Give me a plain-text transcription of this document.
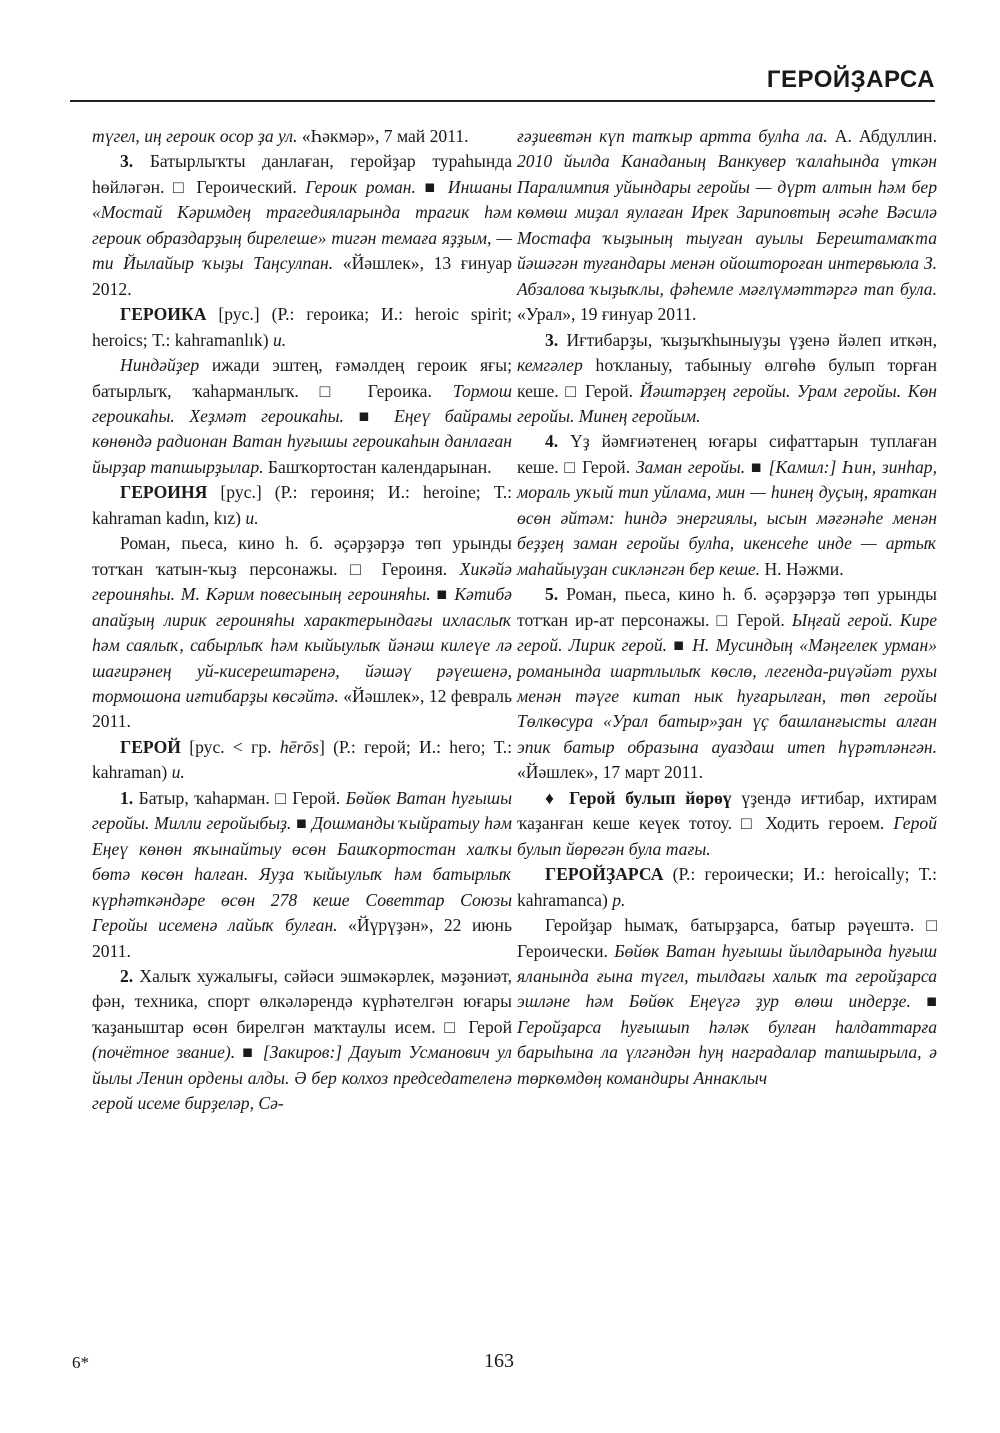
ГЕРОЙҘАРСА

түгел, иң героик осор ҙа ул. «Һәкмәр», 7 май 2011.

3. Батырлыҡты данлаған, геройҙар тураһында һөйләгән. □ Героический. Героик роман. ■ Иншаны «Мостай Кәримдең трагедияларында трагик һәм героик образдарҙың бирелеше» тигән темаға яҙҙым, — ти Йылайыр ҡыҙы Таңсулпан. «Йәшлек», 13 ғинуар 2012.

ГЕРОИКА [рус.] (Р.: героика; И.: heroic spirit; heroics; Т.: kahramanlık) и.

Ниндәйҙер ижади эштең, ғәмәлдең героик яғы; батырлыҡ, ҡаһарманлыҡ. □ Героика. Тормош героикаһы. Хеҙмәт героикаһы. ■ Еңеү байрамы көнөндә радионан Ватан һуғышы героикаһын данлаған йырҙар тапшырҙылар. Башҡортостан календарынан.

ГЕРОИНЯ [рус.] (Р.: героиня; И.: heroine; Т.: kahraman kadın, kız) и.

Роман, пьеса, кино һ. б. әҫәрҙәрҙә төп урынды тотҡан ҡатын-ҡыҙ персонажы. □ Героиня. Хикәйә героиняһы. М. Кәрим повесының героиняһы. ■ Кәтибә апайҙың лирик героиняһы характерындағы ихласлыҡ һәм саялыҡ, сабырлыҡ һәм кыйыулыҡ йәнәш килеүе лә шағирәнең уй-кисерештәренә, йәшәү рәүешенә, тормошона иғтибарҙы көсәйтә. «Йәшлек», 12 февраль 2011.

ГЕРОЙ [рус. < гр. hērōs] (Р.: герой; И.: hero; Т.: kahraman) и.

1. Батыр, ҡаһарман. □ Герой. Бөйөк Ватан һуғышы геройы. Милли геройыбыҙ. ■ Дошманды ҡыйратыу һәм Еңеү көнөн яҡынайтыу өсөн Башҡортостан халҡы бөтә көсөн һалған. Яуҙа ҡыйыулыҡ һәм батырлыҡ күрһәткәндәре өсөн 278 кеше Советтар Союзы Геройы исеменә лайыҡ булған. «Йүрүҙән», 22 июнь 2011.

2. Халыҡ хужалығы, сәйәси эшмәкәрлек, мәҙәниәт, фән, техника, спорт өлкәләрендә күрһәтелгән юғары ҡаҙаныштар өсөн бирелгән маҡтаулы исем. □ Герой (почётное звание). ■ [Закиров:] Дауыт Усманович ул йылы Ленин ордены алды. Ә бер колхоз председателенә герой исеме бирҙеләр, Сә-

ғәҙиевтән күп тапҡыр артта булһа ла. А. Абдуллин. 2010 йылда Канаданың Ванкувер ҡалаһында үткән Паралимпия уйындары геройы — дүрт алтын һәм бер көмөш миҙал яулаған Ирек Зариповтың әсәһе Вәсилә Мостафа ҡыҙының тыуған ауылы Берештамаҡта йәшәгән туғандары менән ойоштороған интервьюла З. Абзалова ҡыҙыҡлы, фәһемле мәғлүмәттәргә тап була. «Урал», 19 ғинуар 2011.

3. Иғтибарҙы, ҡыҙыҡһыныуҙы үҙенә йәлеп иткән, кемгәлер һоҡланыу, табыныу өлгөһө булып торған кеше. □ Герой. Йәштәрҙең геройы. Урам геройы. Көн геройы. Минең геройым.

4. Үҙ йәмғиәтенең юғары сифаттарын туплаған кеше. □ Герой. Заман геройы. ■ [Камил:] Һин, зинһар, мораль уҡый тип уйлама, мин — һинең дуҫың, яраткан өсөн әйтәм: һиндә энергиялы, ысын мәғәнәһе менән беҙҙең заман геройы булһа, икенсеһе инде — артыҡ маһайыуҙан сикләнгән бер кеше. Н. Нәжми.

5. Роман, пьеса, кино һ. б. әҫәрҙәрҙә төп урынды тотҡан ир-ат персонажы. □ Герой. Ыңғай герой. Кире герой. Лирик герой. ■ Н. Мусиндың «Мәңгелек урман» романында шартлылыҡ көслө, легенда-риүәйәт рухы менән тәүге китап нык һуғарылған, төп геройы Төлкөсура «Урал батыр»ҙан үҫ башланғысты алған эпик батыр образына ауаздаш итеп һүрәтләнгән. «Йәшлек», 17 март 2011.

♦ Герой булып йөрөү үҙендә иғтибар, ихтирам ҡаҙанған кеше кеүек тотоу. □ Ходить героем. Герой булып йөрөгән була тағы.

ГЕРОЙҘАРСА (Р.: героически; И.: heroically; Т.: kahramanca) р.

Геройҙар һымаҡ, батырҙарса, батыр рәүештә. □ Героически. Бөйөк Ватан һуғышы йылдарында һуғыш яланында ғына түгел, тылдағы халыҡ та геройҙарса эшләне һәм Бөйөк Еңеүгә ҙур өлөш индерҙе. ■ Геройҙарса һуғышып һәләк булған һалдаттарға барыһына ла үлгәндән һуң наградалар тапшырыла, ә төркөмдөң командиры Аннаклыч

6*	163
